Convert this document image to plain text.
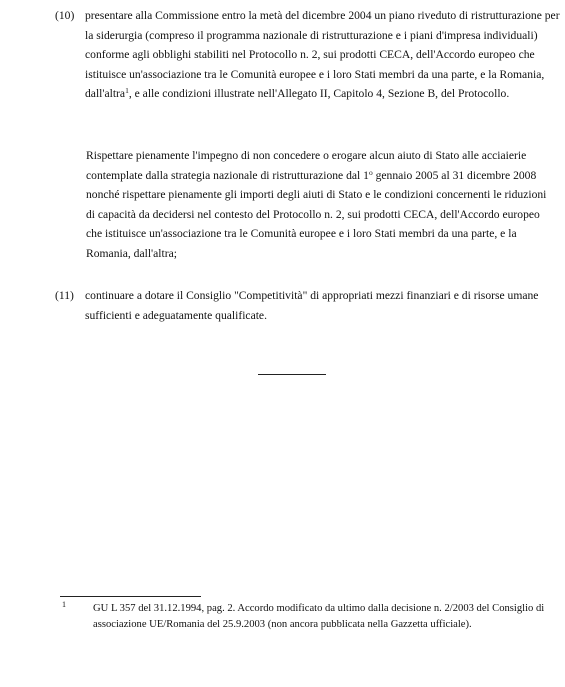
(10) presentare alla Commissione entro la metà del dicembre 2004 un piano riveduto di ristrutturazione per la siderurgia (compreso il programma nazionale di ristrutturazione e i piani d'impresa individuali) conforme agli obblighi stabiliti nel Protocollo n. 2, sui prodotti CECA, dell'Accordo europeo che istituisce un'associazione tra le Comunità europee e i loro Stati membri da una parte, e la Romania, dall'altra$^1$, e alle condizioni illustrate nell'Allegato II, Capitolo 4, Sezione B, del Protocollo.
Rispettare pienamente l'impegno di non concedere o erogare alcun aiuto di Stato alle acciaierie contemplate dalla strategia nazionale di ristrutturazione dal 1$^o$ gennaio 2005 al 31 dicembre 2008 nonché rispettare pienamente gli importi degli aiuti di Stato e le condizioni concernenti le riduzioni di capacità da decidersi nel contesto del Protocollo n. 2, sui prodotti CECA, dell'Accordo europeo che istituisce un'associazione tra le Comunità europee e i loro Stati membri da una parte, e la Romania, dall'altra;
(11) continuare a dotare il Consiglio "Competitività" di appropriati mezzi finanziari e di risorse umane sufficienti e adeguatamente qualificate.
1	GU L 357 del 31.12.1994, pag. 2. Accordo modificato da ultimo dalla decisione n. 2/2003 del Consiglio di associazione UE/Romania del 25.9.2003 (non ancora pubblicata nella Gazzetta ufficiale).
